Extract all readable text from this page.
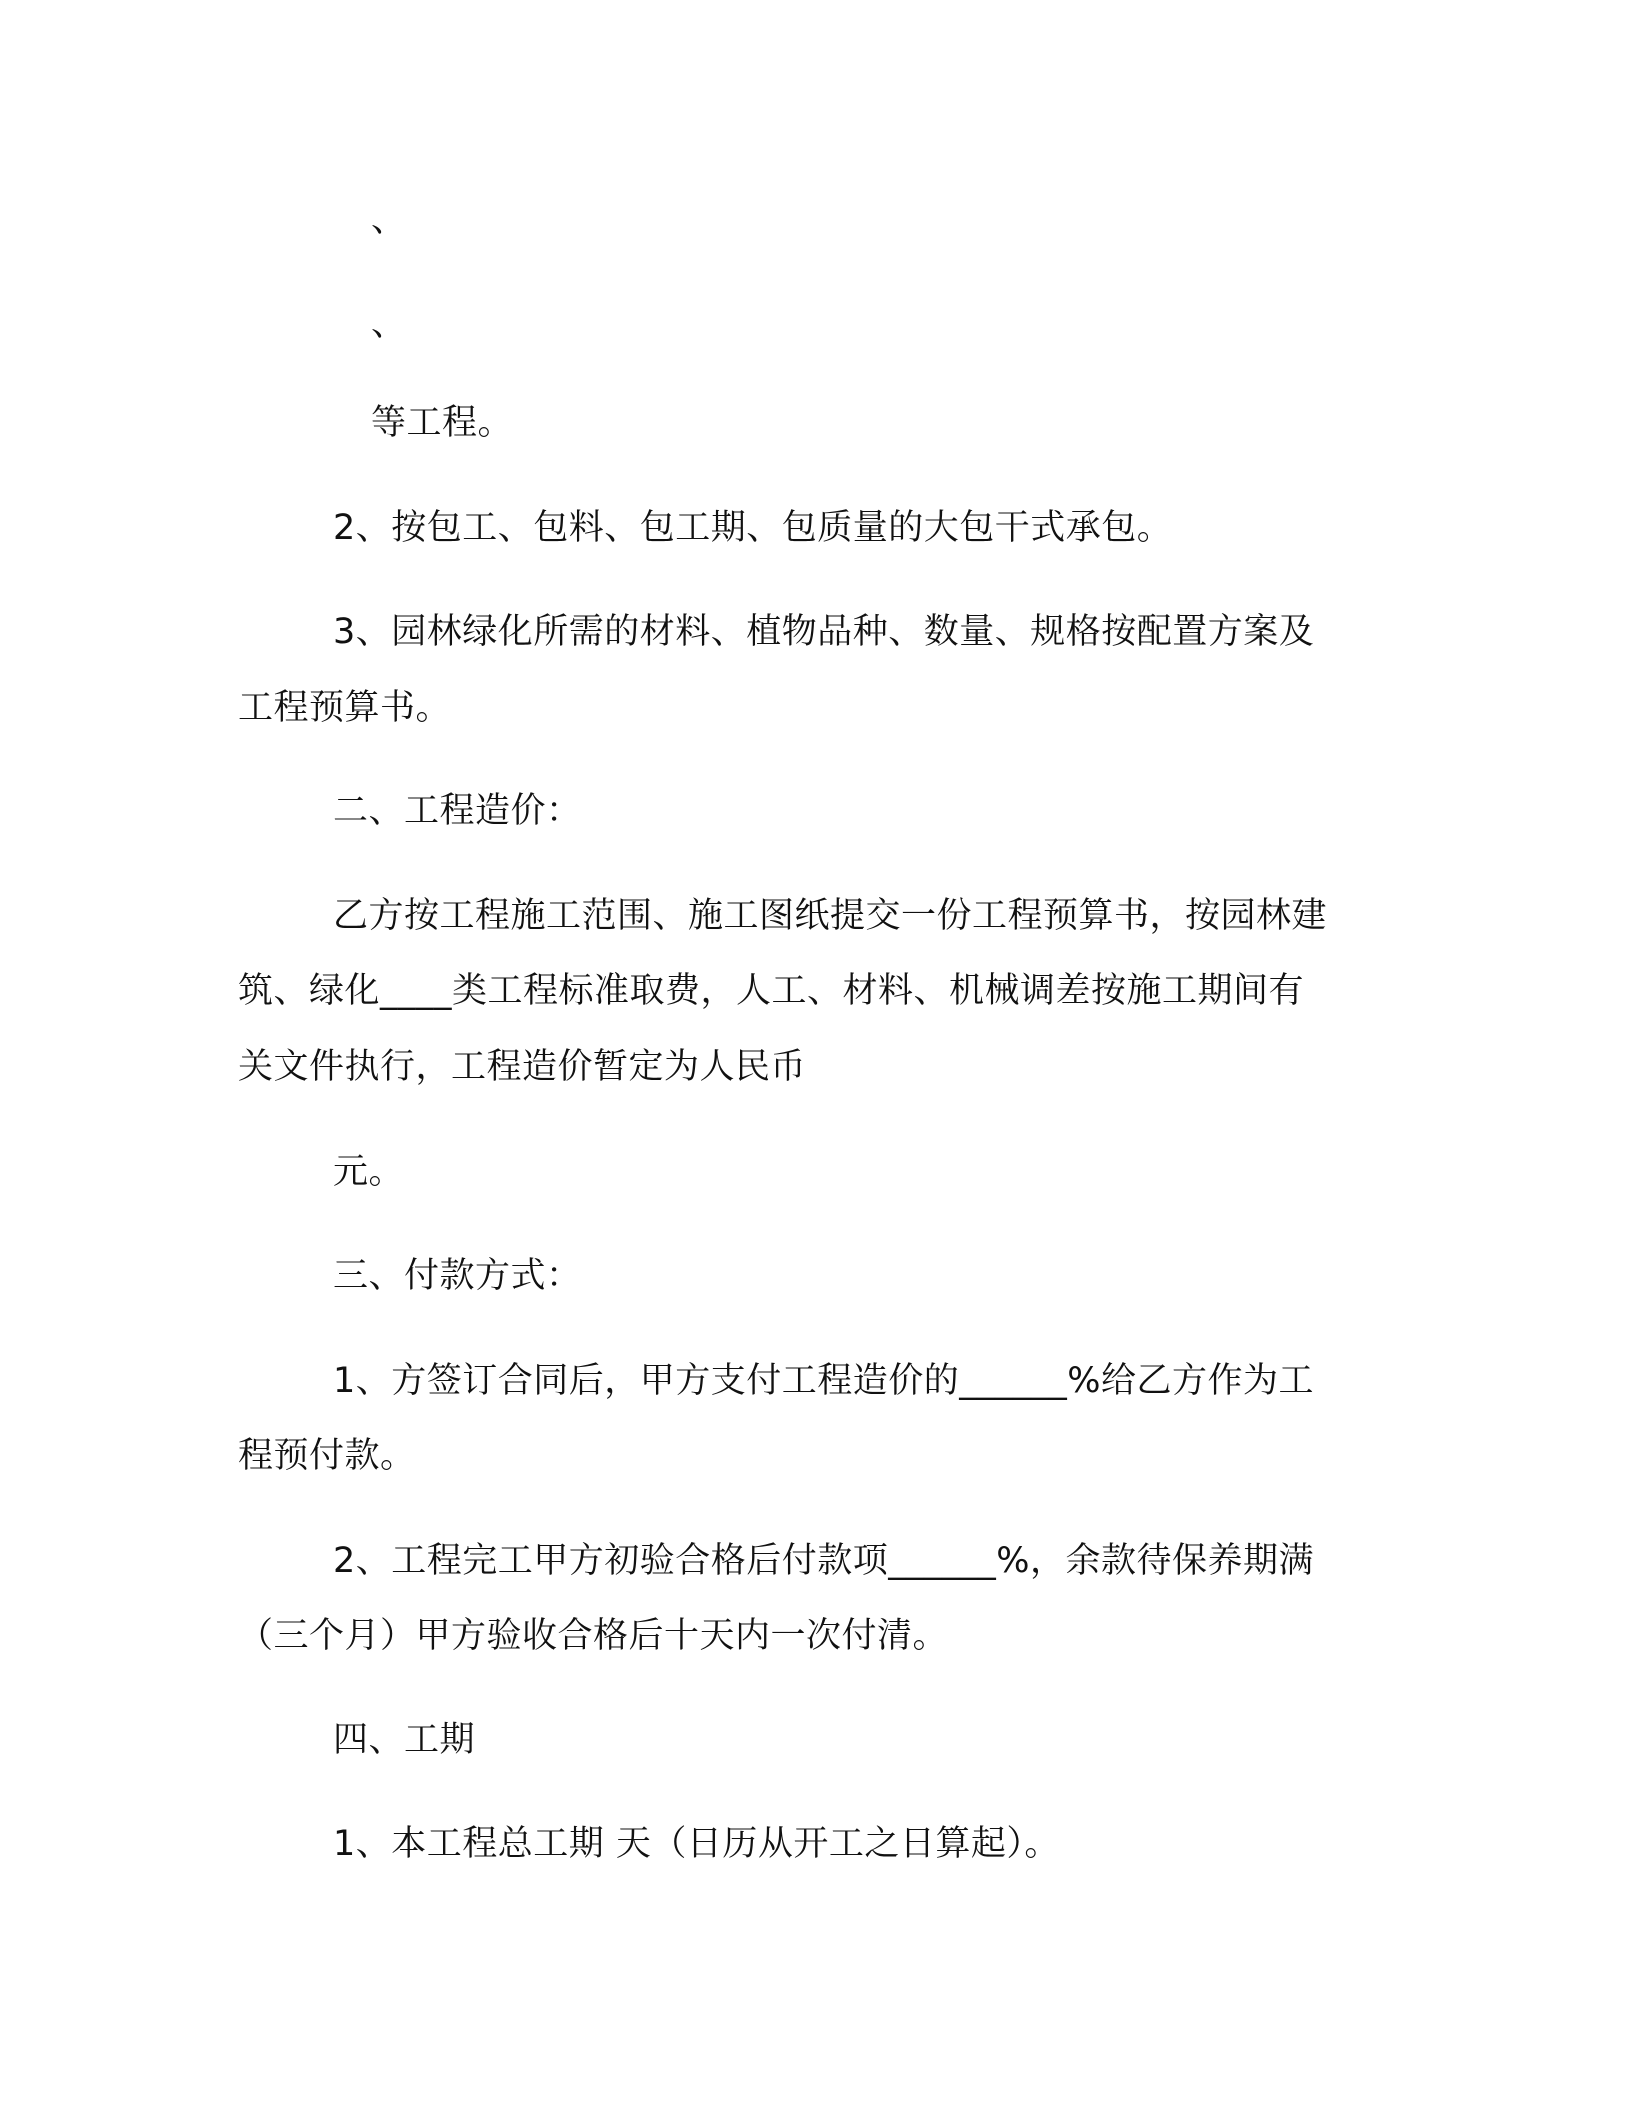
、
、
等工程。
2、按包工、包料、包工期、包质量的大包干式承包。
3、园林绿化所需的材料、植物品种、数量、规格按配置方案及
工程预算书。
二、工程造价：
乙方按工程施工范围、施工图纸提交一份工程预算书，按园林建
筑、绿化____类工程标准取费，人工、材料、机械调差按施工期间有
关文件执行，工程造价暂定为人民币
元。
三、付款方式：
1、方签订合同后，甲方支付工程造价的______%给乙方作为工
程预付款。
2、工程完工甲方初验合格后付款项______%，余款待保养期满
（三个月）甲方验收合格后十天内一次付清。
四、工期
1、本工程总工期 天（日历从开工之日算起）。
